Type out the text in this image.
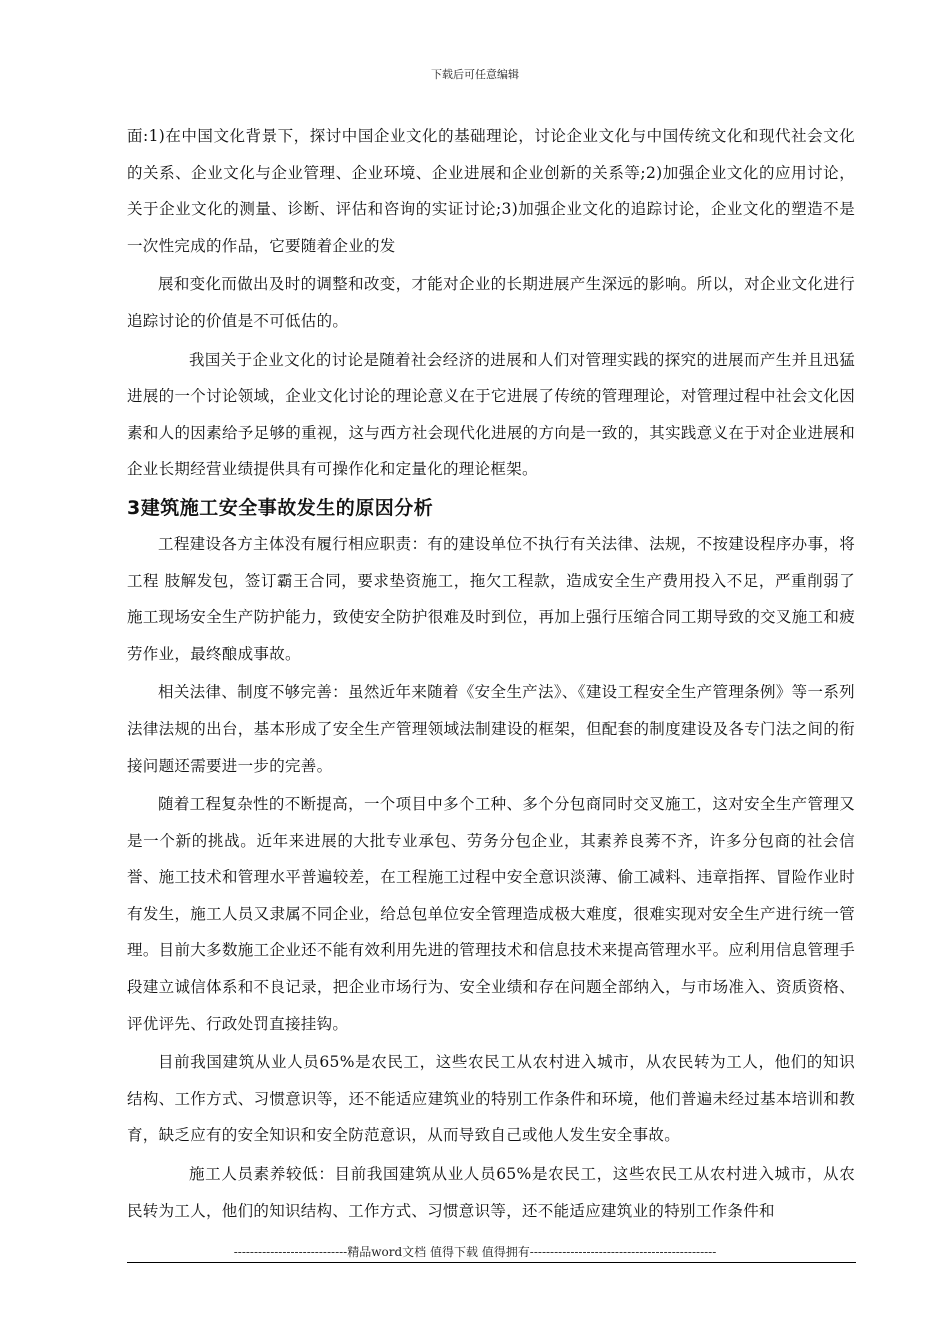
下载后可任意编辑

面:1)在中国文化背景下，探讨中国企业文化的基础理论，讨论企业文化与中国传统文化和现代社会文化的关系、企业文化与企业管理、企业环境、企业进展和企业创新的关系等;2)加强企业文化的应用讨论，关于企业文化的测量、诊断、评估和咨询的实证讨论;3)加强企业文化的追踪讨论，企业文化的塑造不是一次性完成的作品，它要随着企业的发

展和变化而做出及时的调整和改变，才能对企业的长期进展产生深远的影响。所以，对企业文化进行追踪讨论的价值是不可低估的。

我国关于企业文化的讨论是随着社会经济的进展和人们对管理实践的探究的进展而产生并且迅猛进展的一个讨论领域，企业文化讨论的理论意义在于它进展了传统的管理理论，对管理过程中社会文化因素和人的因素给予足够的重视，这与西方社会现代化进展的方向是一致的，其实践意义在于对企业进展和企业长期经营业绩提供具有可操作化和定量化的理论框架。

3建筑施工安全事故发生的原因分析

工程建设各方主体没有履行相应职责：有的建设单位不执行有关法律、法规，不按建设程序办事，将工程 肢解发包，签订霸王合同，要求垫资施工，拖欠工程款，造成安全生产费用投入不足，严重削弱了施工现场安全生产防护能力，致使安全防护很难及时到位，再加上强行压缩合同工期导致的交叉施工和疲劳作业，最终酿成事故。

相关法律、制度不够完善：虽然近年来随着《安全生产法》、《建设工程安全生产管理条例》等一系列法律法规的出台，基本形成了安全生产管理领域法制建设的框架，但配套的制度建设及各专门法之间的衔接问题还需要进一步的完善。

随着工程复杂性的不断提高，一个项目中多个工种、多个分包商同时交叉施工，这对安全生产管理又是一个新的挑战。近年来进展的大批专业承包、劳务分包企业，其素养良莠不齐，许多分包商的社会信誉、施工技术和管理水平普遍较差，在工程施工过程中安全意识淡薄、偷工减料、违章指挥、冒险作业时有发生，施工人员又隶属不同企业，给总包单位安全管理造成极大难度，很难实现对安全生产进行统一管理。目前大多数施工企业还不能有效利用先进的管理技术和信息技术来提高管理水平。应利用信息管理手段建立诚信体系和不良记录，把企业市场行为、安全业绩和存在问题全部纳入，与市场准入、资质资格、评优评先、行政处罚直接挂钩。

目前我国建筑从业人员65%是农民工，这些农民工从农村进入城市，从农民转为工人，他们的知识结构、工作方式、习惯意识等，还不能适应建筑业的特别工作条件和环境，他们普遍未经过基本培训和教育，缺乏应有的安全知识和安全防范意识，从而导致自己或他人发生安全事故。

施工人员素养较低：目前我国建筑从业人员65%是农民工，这些农民工从农村进入城市，从农民转为工人，他们的知识结构、工作方式、习惯意识等，还不能适应建筑业的特别工作条件和

----------------------------精品word文档 值得下载 值得拥有----------------------------------------------
